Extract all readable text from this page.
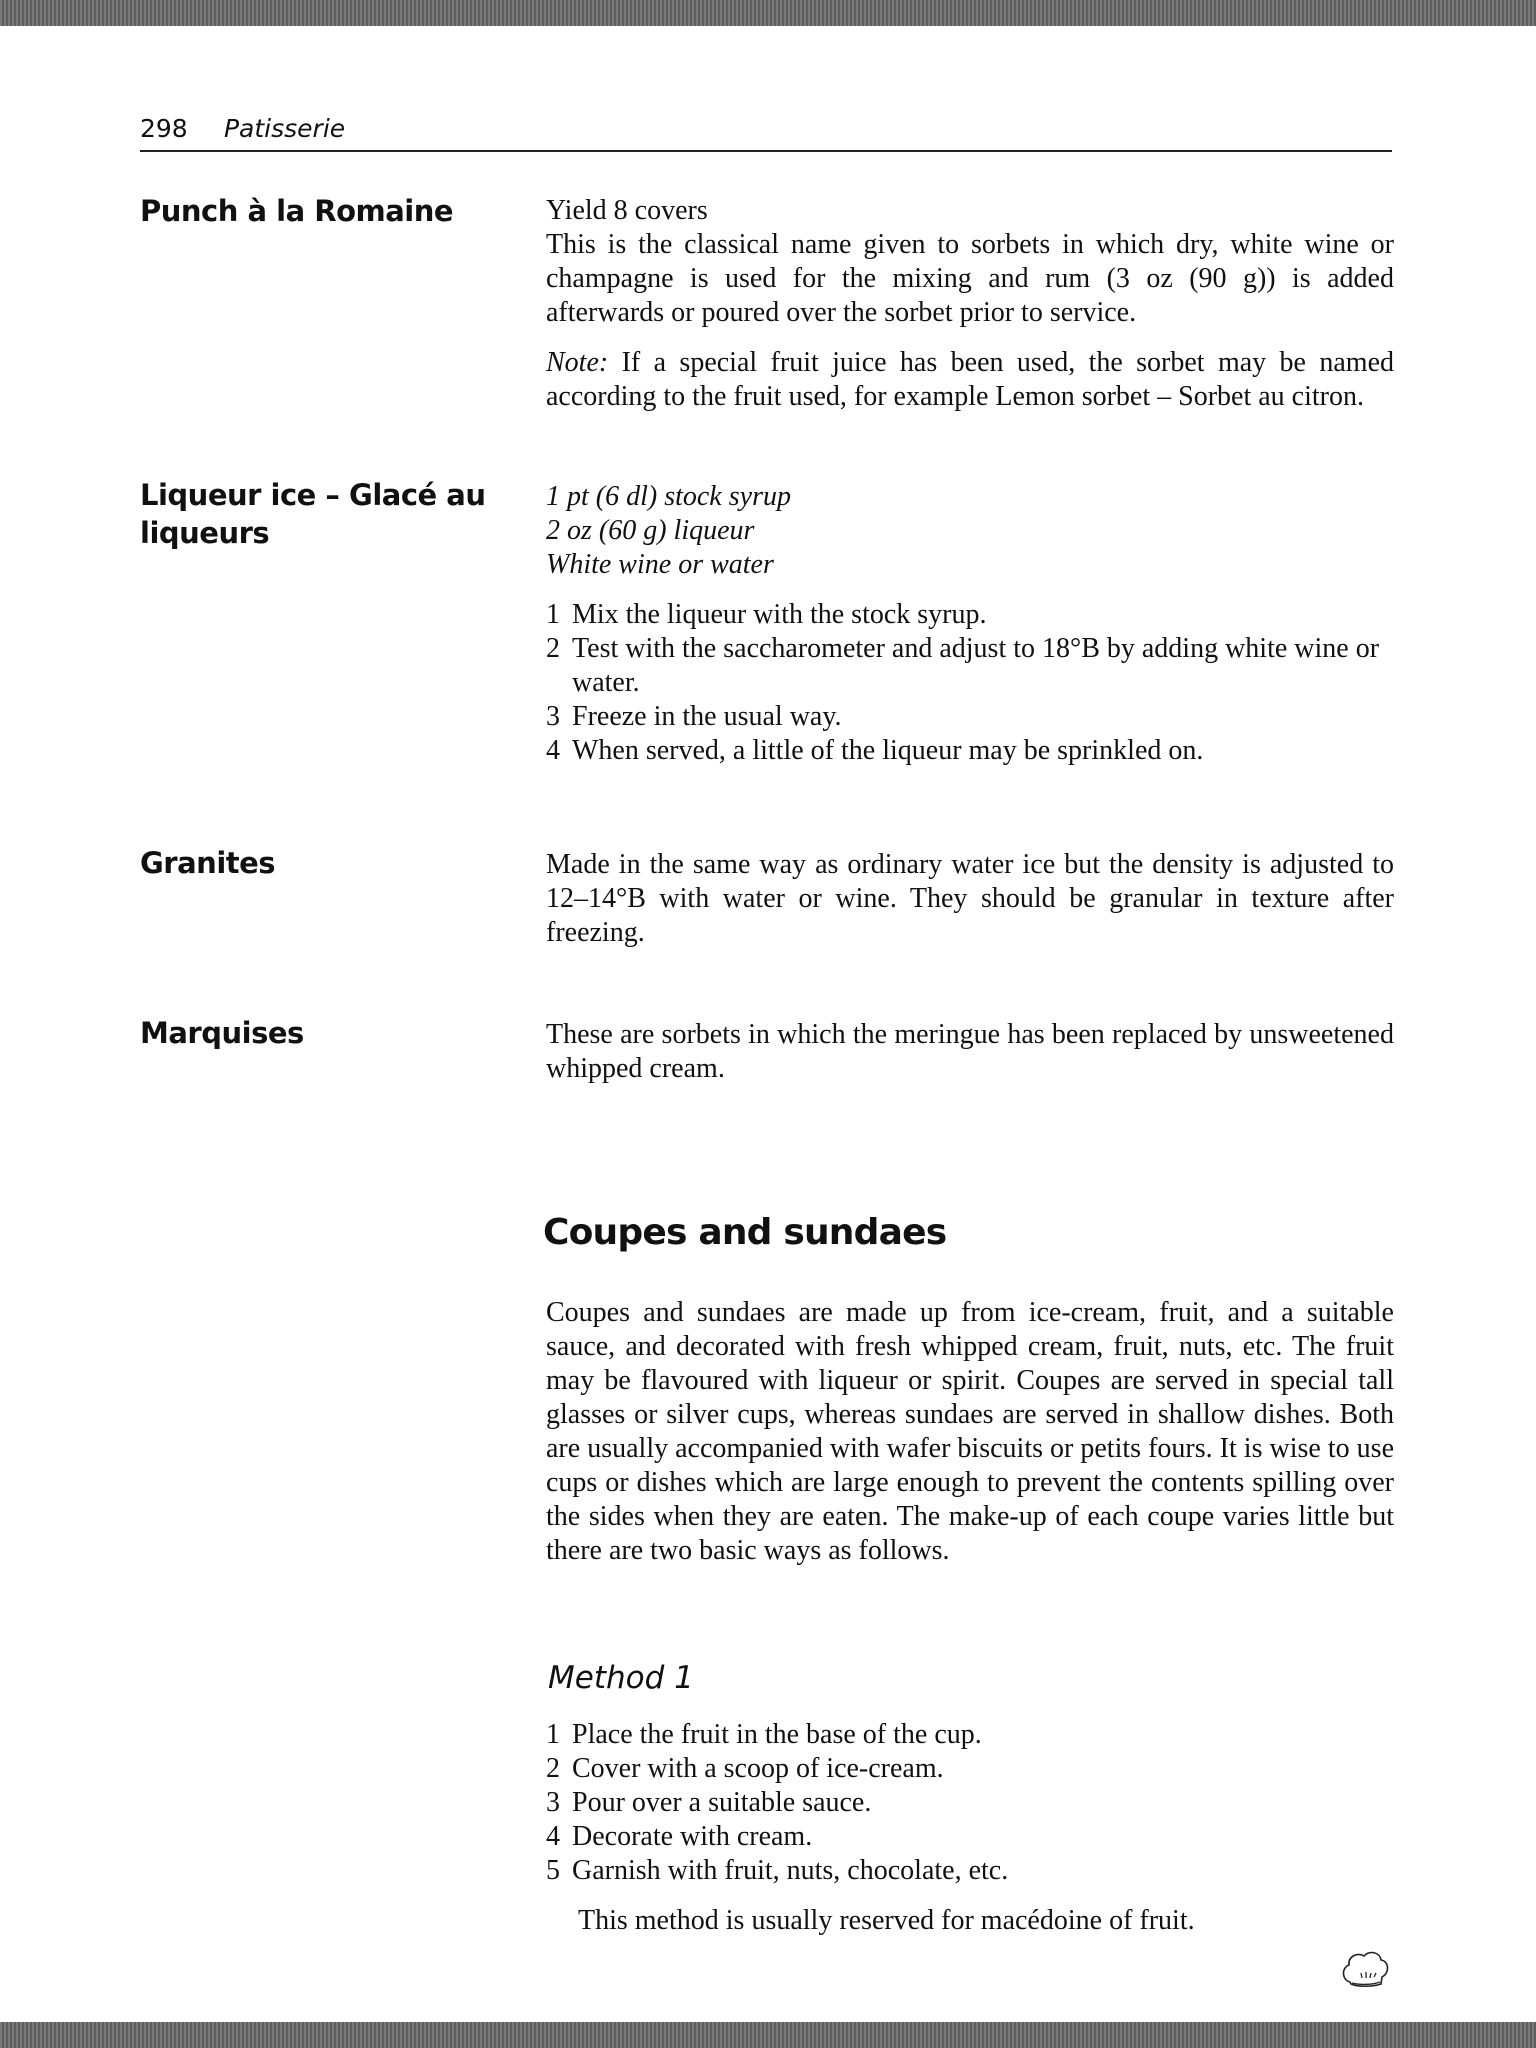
298 Patisserie
Punch à la Romaine	Yield 8 covers

This is the classical name given to sorbets in which dry, white wine or champagne is used for the mixing and rum (3 oz (90 g)) is added afterwards or poured over the sorbet prior to service.

Note: If a special fruit juice has been used, the sorbet may be named according to the fruit used, for example Lemon sorbet – Sorbet au citron.

Liqueur ice – Glacé au liqueurs

1 pt (6 dl) stock syrup

2 oz (60 g) liqueur

White wine or water

1 Mix the liqueur with the stock syrup.
2 Test with the saccharometer and adjust to 18°B by adding white wine or water.
3 Freeze in the usual way.
4 When served, a little of the liqueur may be sprinkled on.
Granites	Made in the same way as ordinary water ice but the density is adjusted to 12–14°B with water or wine. They should be granular in texture after freezing.

Marquises	These are sorbets in which the meringue has been replaced by unsweetened whipped cream.

Coupes and sundaes

Coupes and sundaes are made up from ice-cream, fruit, and a suitable sauce, and decorated with fresh whipped cream, fruit, nuts, etc. The fruit may be flavoured with liqueur or spirit. Coupes are served in special tall glasses or silver cups, whereas sundaes are served in shallow dishes. Both are usually accompanied with wafer biscuits or petits fours. It is wise to use cups or dishes which are large enough to prevent the contents spilling over the sides when they are eaten. The make-up of each coupe varies little but there are two basic ways as follows.

Method 1
1 Place the fruit in the base of the cup.
2 Cover with a scoop of ice-cream.
3 Pour over a suitable sauce.
4 Decorate with cream.
5 Garnish with fruit, nuts, chocolate, etc.

This method is usually reserved for macédoine of fruit.
